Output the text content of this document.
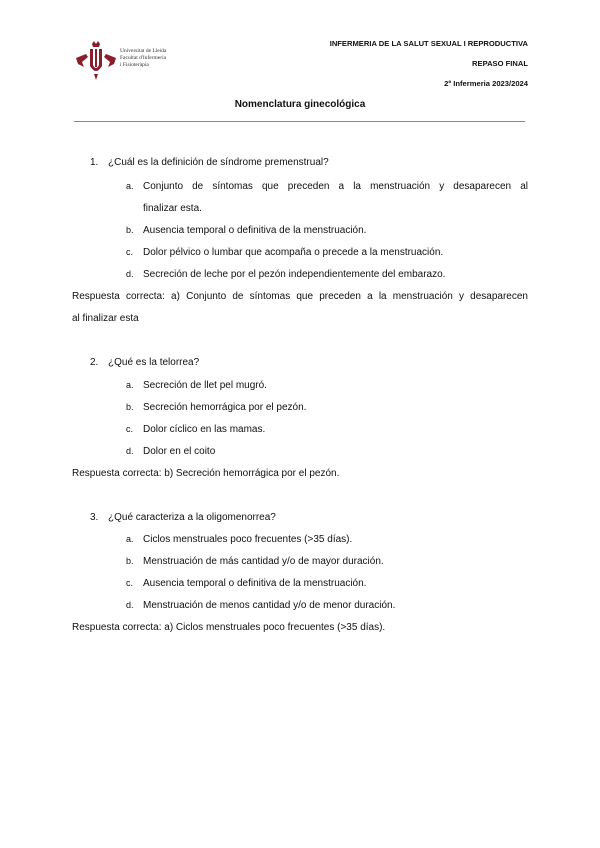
Universitat de Lleida
Facultat d'Infermeria
i Fisioteràpia
INFERMERIA DE LA SALUT SEXUAL I REPRODUCTIVA
REPASO FINAL
2º Infermeria 2023/2024
Nomenclatura ginecológica
1. ¿Cuál es la definición de síndrome premenstrual?
a. Conjunto de síntomas que preceden a la menstruación y desaparecen al
finalizar esta.
b. Ausencia temporal o definitiva de la menstruación.
c. Dolor pélvico o lumbar que acompaña o precede a la menstruación.
d. Secreción de leche por el pezón independientemente del embarazo.
Respuesta correcta: a) Conjunto de síntomas que preceden a la menstruación y desaparecen
al finalizar esta
2. ¿Qué es la telorrea?
a. Secreción de llet pel mugró.
b. Secreción hemorrágica por el pezón.
c. Dolor cíclico en las mamas.
d. Dolor en el coito
Respuesta correcta: b) Secreción hemorrágica por el pezón.
3. ¿Qué caracteriza a la oligomenorrea?
a. Ciclos menstruales poco frecuentes (>35 días).
b. Menstruación de más cantidad y/o de mayor duración.
c. Ausencia temporal o definitiva de la menstruación.
d. Menstruación de menos cantidad y/o de menor duración.
Respuesta correcta: a) Ciclos menstruales poco frecuentes (>35 días).
